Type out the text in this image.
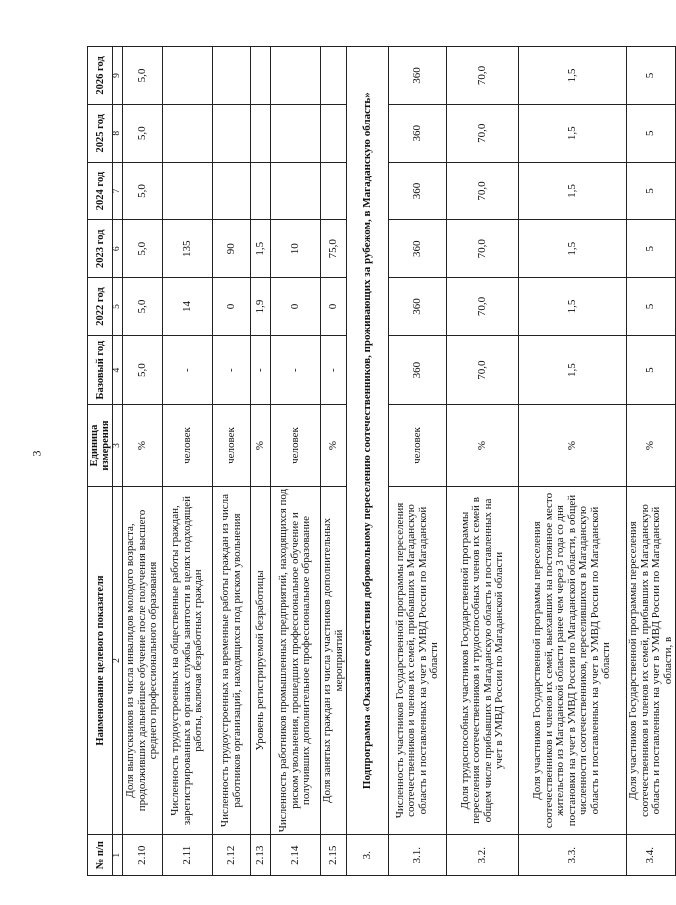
3
№ п/п	Наименование целевого показателя	Единица измерения	Базовый год	2022 год	2023 год	2024 год	2025 год	2026 год
1	2	3	4	5	6	7	8	9
2.10	Доля выпускников из числа инвалидов молодого возраста, продолживших дальнейшее обучение после получения высшего среднего профессионального образования	%	5,0	5,0	5,0	5,0	5,0	5,0
2.11	Численность трудоустроенных на общественные работы граждан, зарегистрированных в органах службы занятости в целях подходящей работы, включая безработных граждан	человек	-	14	135			
2.12	Численность трудоустроенных на временные работы граждан из числа работников организаций, находящихся под риском увольнения	человек	-	0	90			
2.13	Уровень регистрируемой безработицы	%	-	1,9	1,5			
2.14	Численность работников промышленных предприятий, находящихся под риском увольнения, прошедших профессиональное обучение и получивших дополнительное профессиональное образование	человек	-	0	10			
2.15	Доля занятых граждан из числа участников дополнительных мероприятий	%	-	0	75,0			
3.	Подпрограмма «Оказание содействия добровольному переселению соотечественников, проживающих за рубежом, в Магаданскую область»							
3.1.	Численность участников Государственной программы переселения соотечественников и членов их семей, прибывших в Магаданскую область и поставленных на учет в УМВД России по Магаданской области	человек	360	360	360	360	360	360
3.2.	Доля трудоспособных участников Государственной программы переселения соотечественников и трудоспособных членов их семей в общем числе прибывших в Магаданскую область и поставленных на учет в УМВД России по Магаданской области	%	70,0	70,0	70,0	70,0	70,0	70,0
3.3.	Доля участников Государственной программы переселения соотечественников и членов их семей, выехавших на постоянное место жительство из Магаданской области ранее чем через 3 года со дня постановки на учет в УМВД России по Магаданской области, в общей численности соотечественников, переселившихся в Магаданскую область и поставленных на учет в УМВД России по Магаданской области	%	1,5	1,5	1,5	1,5	1,5	1,5
3.4.	Доля участников Государственной программы переселения соотечественников и членов их семей, прибывших в Магаданскую область и поставленных на учет в УМВД России по Магаданской области, в	%	5	5	5	5	5	5
